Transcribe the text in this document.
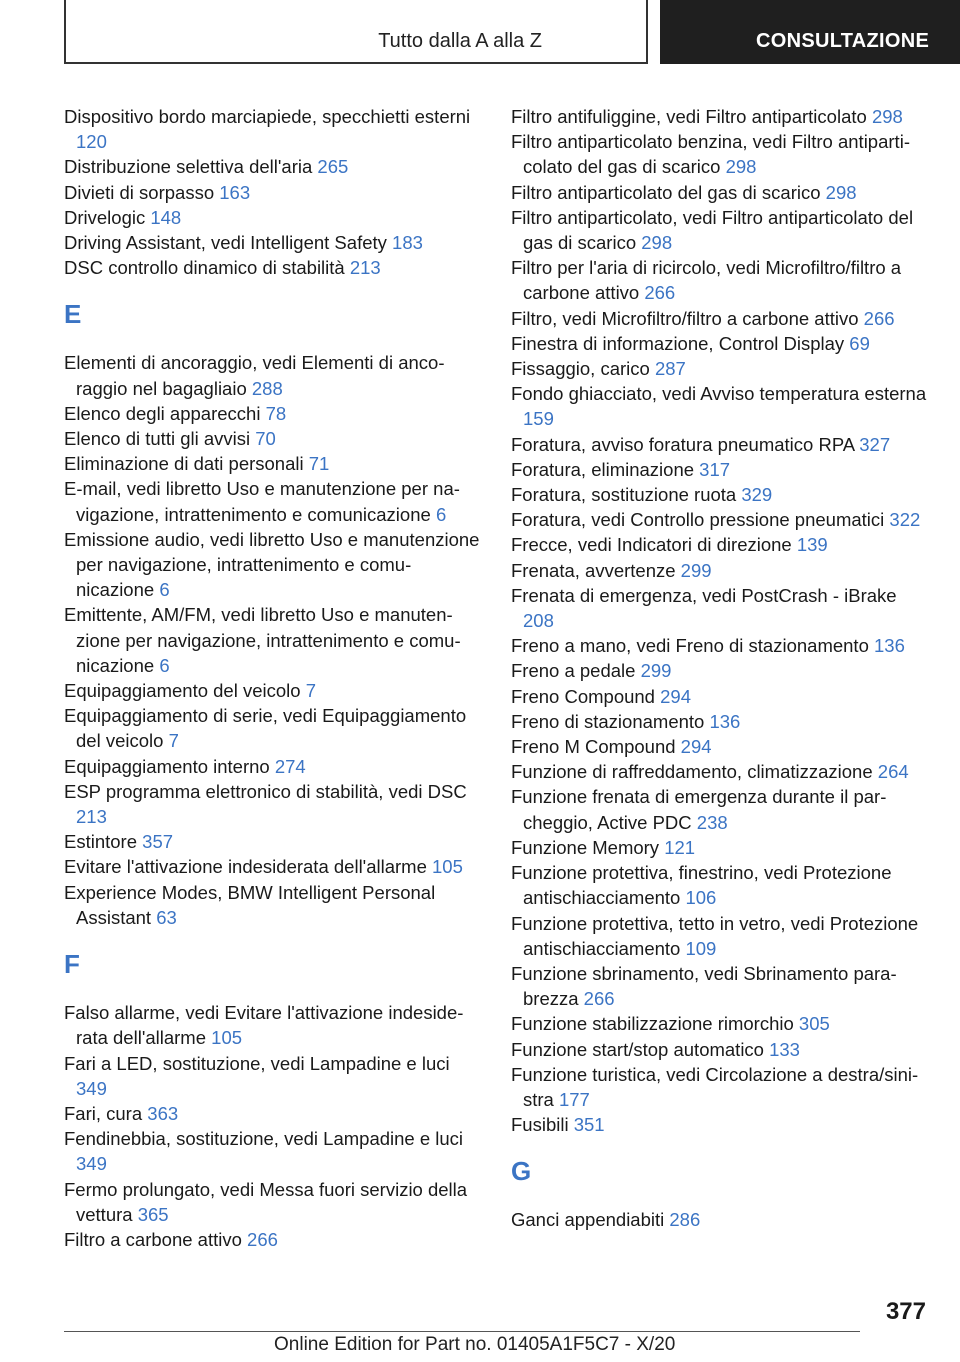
Tutto dalla A alla Z	CONSULTAZIONE

Dispositivo bordo marciapiede, specchietti esterni 120

Distribuzione selettiva dell'aria 265

Divieti di sorpasso 163

Drivelogic 148

Driving Assistant, vedi Intelligent Safety 183

DSC controllo dinamico di stabilità 213

E

Elementi di ancoraggio, vedi Elementi di ancoraggio nel bagagliaio 288

Elenco degli apparecchi 78

Elenco di tutti gli avvisi 70

Eliminazione di dati personali 71

E-mail, vedi libretto Uso e manutenzione per navigazione, intrattenimento e comunicazione 6

Emissione audio, vedi libretto Uso e manutenzione per navigazione, intrattenimento e comunicazione 6

Emittente, AM/FM, vedi libretto Uso e manutenzione per navigazione, intrattenimento e comunicazione 6

Equipaggiamento del veicolo 7

Equipaggiamento di serie, vedi Equipaggiamento del veicolo 7

Equipaggiamento interno 274

ESP programma elettronico di stabilità, vedi DSC 213

Estintore 357

Evitare l'attivazione indesiderata dell'allarme 105

Experience Modes, BMW Intelligent Personal Assistant 63

F

Falso allarme, vedi Evitare l'attivazione indesiderata dell'allarme 105

Fari a LED, sostituzione, vedi Lampadine e luci 349

Fari, cura 363

Fendinebbia, sostituzione, vedi Lampadine e luci 349

Fermo prolungato, vedi Messa fuori servizio della vettura 365

Filtro a carbone attivo 266

Filtro antifuliggine, vedi Filtro antiparticolato 298

Filtro antiparticolato benzina, vedi Filtro antiparticolato del gas di scarico 298

Filtro antiparticolato del gas di scarico 298

Filtro antiparticolato, vedi Filtro antiparticolato del gas di scarico 298

Filtro per l'aria di ricircolo, vedi Microfiltro/filtro a carbone attivo 266

Filtro, vedi Microfiltro/filtro a carbone attivo 266

Finestra di informazione, Control Display 69

Fissaggio, carico 287

Fondo ghiacciato, vedi Avviso temperatura esterna 159

Foratura, avviso foratura pneumatico RPA 327

Foratura, eliminazione 317

Foratura, sostituzione ruota 329

Foratura, vedi Controllo pressione pneumatici 322

Frecce, vedi Indicatori di direzione 139

Frenata, avvertenze 299

Frenata di emergenza, vedi PostCrash - iBrake 208

Freno a mano, vedi Freno di stazionamento 136

Freno a pedale 299

Freno Compound 294

Freno di stazionamento 136

Freno M Compound 294

Funzione di raffreddamento, climatizzazione 264

Funzione frenata di emergenza durante il parcheggio, Active PDC 238

Funzione Memory 121

Funzione protettiva, finestrino, vedi Protezione antischiacciamento 106

Funzione protettiva, tetto in vetro, vedi Protezione antischiacciamento 109

Funzione sbrinamento, vedi Sbrinamento parabrezza 266

Funzione stabilizzazione rimorchio 305

Funzione start/stop automatico 133

Funzione turistica, vedi Circolazione a destra/sinistra 177

Fusibili 351

G

Ganci appendiabiti 286

377
Online Edition for Part no. 01405A1F5C7 - X/20
